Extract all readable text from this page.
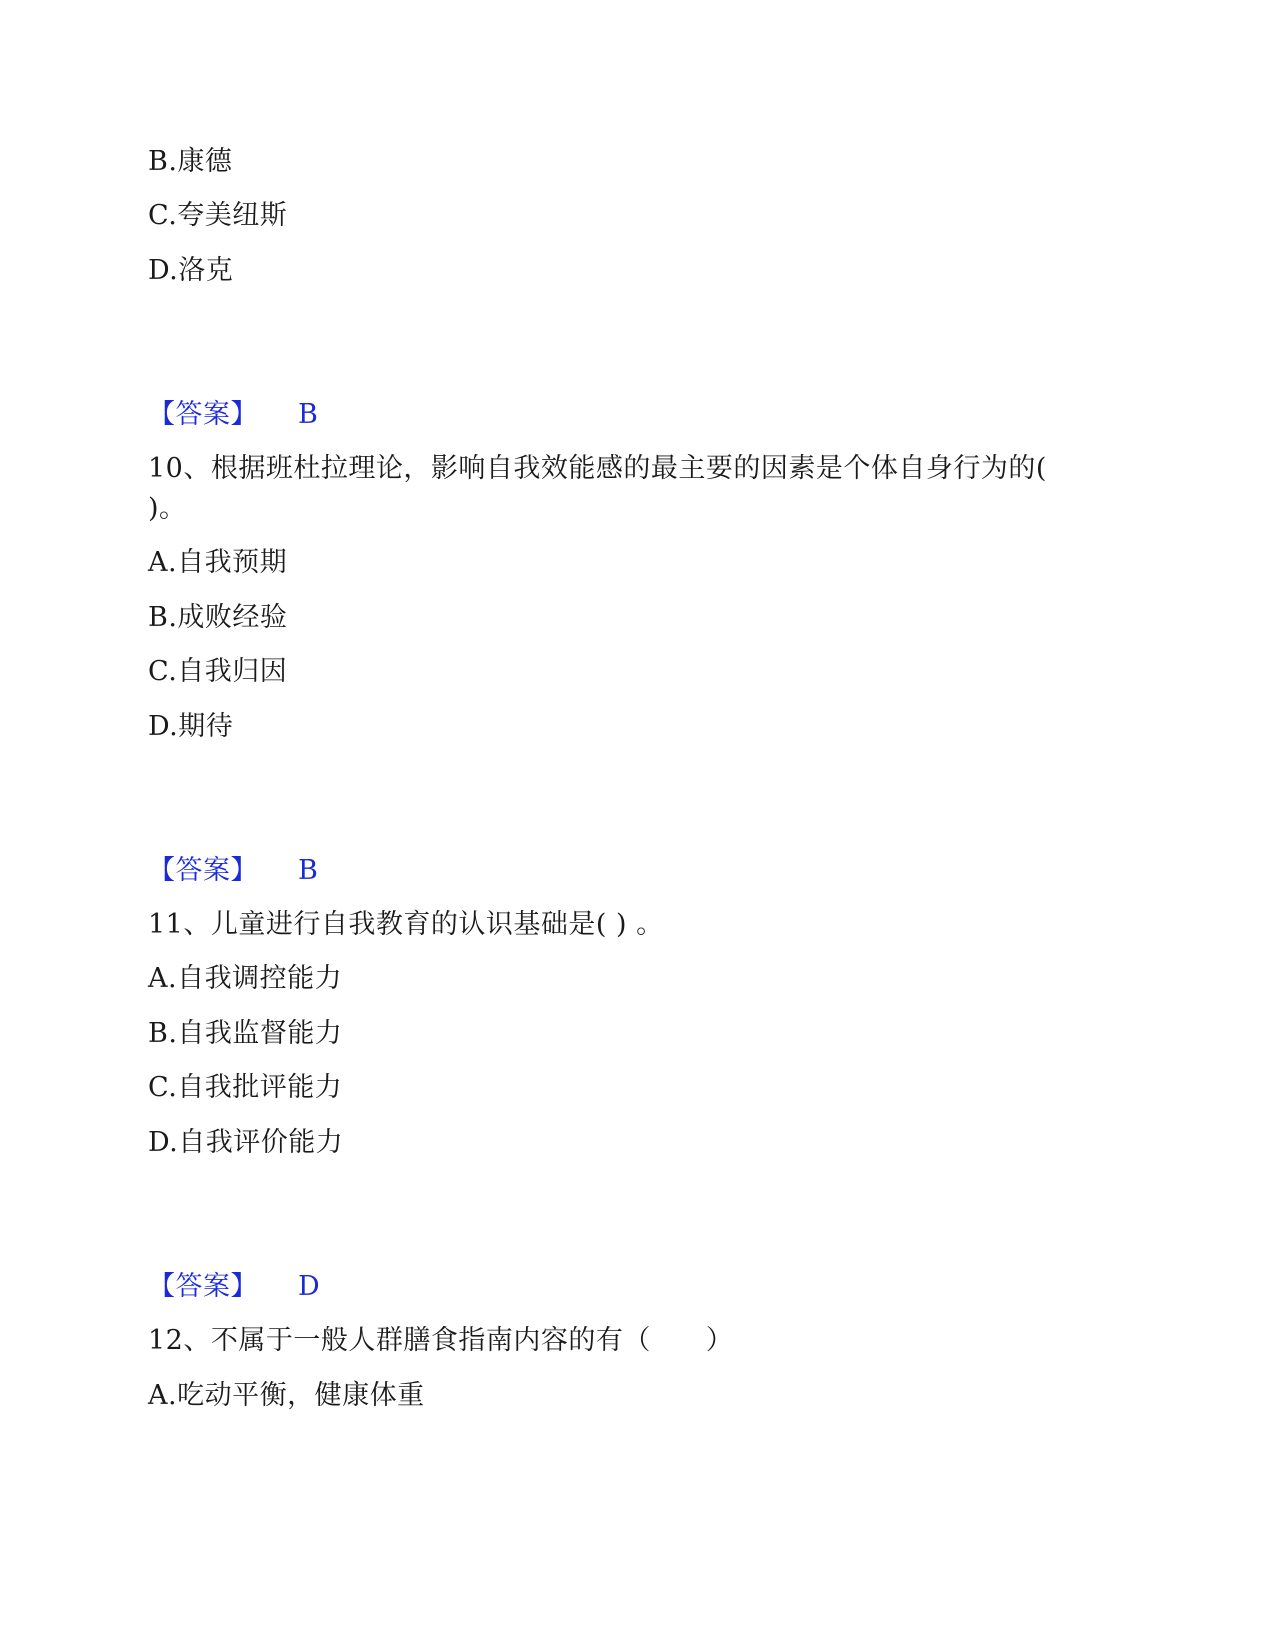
B.康德
C.夸美纽斯
D.洛克
【答案】 B
10、根据班杜拉理论，影响自我效能感的最主要的因素是个体自身行为的(
)。
A.自我预期
B.成败经验
C.自我归因
D.期待
【答案】 B
11、儿童进行自我教育的认识基础是( ) 。
A.自我调控能力
B.自我监督能力
C.自我批评能力
D.自我评价能力
【答案】 D
12、不属于一般人群膳食指南内容的有（　　）
A.吃动平衡，健康体重
